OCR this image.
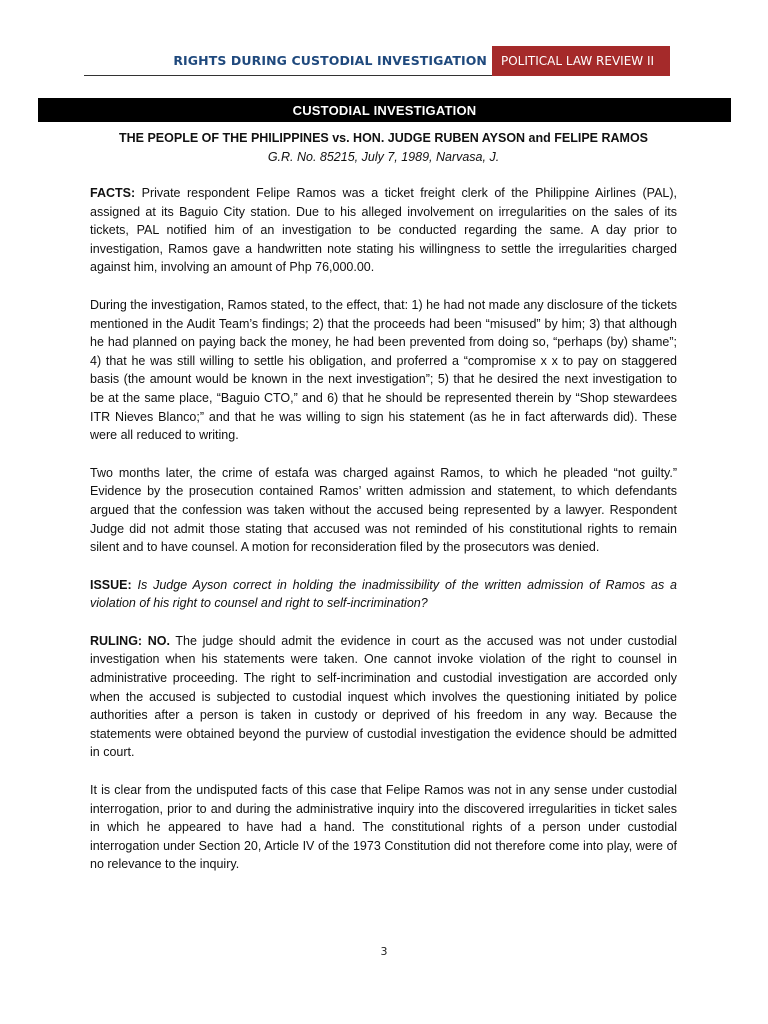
RIGHTS DURING CUSTODIAL INVESTIGATION	POLITICAL LAW REVIEW II
CUSTODIAL INVESTIGATION

THE PEOPLE OF THE PHILIPPINES vs. HON. JUDGE RUBEN AYSON and FELIPE RAMOS

G.R. No. 85215, July 7, 1989, Narvasa, J.

FACTS: Private respondent Felipe Ramos was a ticket freight clerk of the Philippine Airlines (PAL), assigned at its Baguio City station. Due to his alleged involvement on irregularities on the sales of its tickets, PAL notified him of an investigation to be conducted regarding the same. A day prior to investigation, Ramos gave a handwritten note stating his willingness to settle the irregularities charged against him, involving an amount of Php 76,000.00.

During the investigation, Ramos stated, to the effect, that: 1) he had not made any disclosure of the tickets mentioned in the Audit Team’s findings; 2) that the proceeds had been “misused” by him; 3) that although he had planned on paying back the money, he had been prevented from doing so, “perhaps (by) shame”; 4) that he was still willing to settle his obligation, and proferred a “compromise x x to pay on staggered basis (the amount would be known in the next investigation”; 5) that he desired the next investigation to be at the same place, “Baguio CTO,” and 6) that he should be represented therein by “Shop stewardees ITR Nieves Blanco;” and that he was willing to sign his statement (as he in fact afterwards did). These were all reduced to writing.

Two months later, the crime of estafa was charged against Ramos, to which he pleaded “not guilty.” Evidence by the prosecution contained Ramos’ written admission and statement, to which defendants argued that the confession was taken without the accused being represented by a lawyer. Respondent Judge did not admit those stating that accused was not reminded of his constitutional rights to remain silent and to have counsel. A motion for reconsideration filed by the prosecutors was denied.

ISSUE: Is Judge Ayson correct in holding the inadmissibility of the written admission of Ramos as a violation of his right to counsel and right to self-incrimination?

RULING: NO. The judge should admit the evidence in court as the accused was not under custodial investigation when his statements were taken. One cannot invoke violation of the right to counsel in administrative proceeding. The right to self-incrimination and custodial investigation are accorded only when the accused is subjected to custodial inquest which involves the questioning initiated by police authorities after a person is taken in custody or deprived of his freedom in any way. Because the statements were obtained beyond the purview of custodial investigation the evidence should be admitted in court.

It is clear from the undisputed facts of this case that Felipe Ramos was not in any sense under custodial interrogation, prior to and during the administrative inquiry into the discovered irregularities in ticket sales in which he appeared to have had a hand. The constitutional rights of a person under custodial interrogation under Section 20, Article IV of the 1973 Constitution did not therefore come into play, were of no relevance to the inquiry.

3
